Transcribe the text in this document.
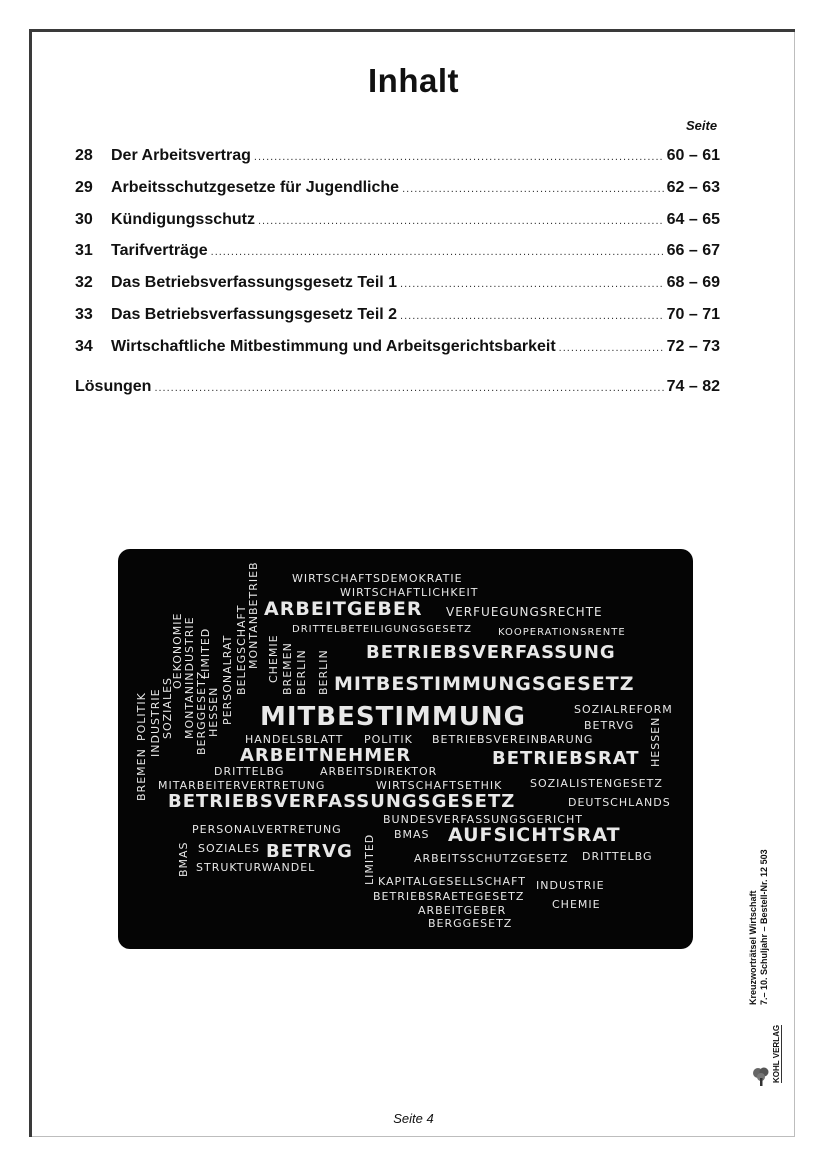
Inhalt
Seite
28	Der Arbeitsvertrag .....	60 – 61
29	Arbeitsschutzgesetze für Jugendliche .....	62 – 63
30	Kündigungsschutz .....	64 – 65
31	Tarifverträge .....	66 – 67
32	Das Betriebsverfassungsgesetz Teil 1 .....	68 – 69
33	Das Betriebsverfassungsgesetz Teil 2 .....	70 – 71
34	Wirtschaftliche Mitbestimmung und Arbeitsgerichtsbarkeit .....	72 – 73
Lösungen .....	74 – 82
WIRTSCHAFTSDEMOKRATIE
WIRTSCHAFTLICHKEIT
ARBEITGEBER VERFUEGUNGSRECHTE
DRITTELBETEILIGUNGSGESETZ	KOOPERATIONSRENTE
BETRIEBSVERFASSUNG
MITBESTIMMUNGSGESETZ
MITBESTIMMUNG	SOZIALREFORM
BETRVG
HANDELSBLATT POLITIK BETRIEBSVEREINBARUNG
ARBEITNEHMER	BETRIEBSRAT
DRITTELBG	ARBEITSDIREKTOR
MITARBEITERVERTRETUNG	WIRTSCHAFTSETHIK	SOZIALISTENGESETZ
BETRIEBSVERFASSUNGSGESETZ	DEUTSCHLANDS
BUNDESVERFASSUNGSGERICHT
PERSONALVERTRETUNG	BMAS AUFSICHTSRAT
SOZIALES BETRVG	ARBEITSSCHUTZGESETZ DRITTELBG
STRUKTURWANDEL
KAPITALGESELLSCHAFT INDUSTRIE
BETRIEBSRAETEGESETZ
CHEMIE
ARBEITGEBER
BERGGESETZ
BREMEN
POLITIK INDUSTRIE SOZIALES
OEKONOMIE MONTANINDUSTRIE BERGGESETZ
LIMITED
HESSEN PERSONALRAT BELEGSCHAFT MONTANBETRIEB CHEMIE BREMEN BERLIN BERLIN
HESSEN
BMAS	LIMITED
Kreuzworträtsel Wirtschaft 7.– 10. Schuljahr – Bestell-Nr. 12 503
KOHL VERLAG
Seite 4
